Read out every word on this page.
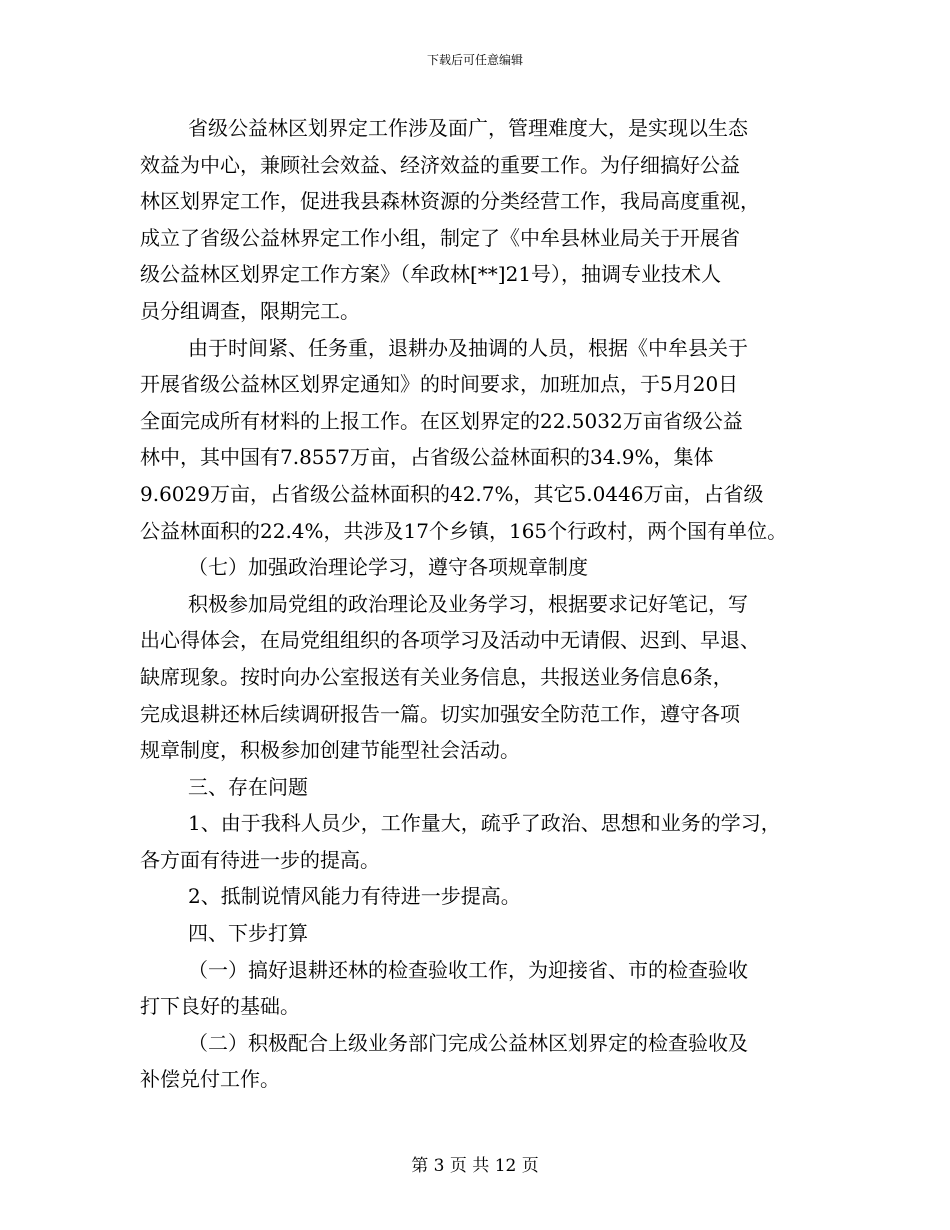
下载后可任意编辑

省级公益林区划界定工作涉及面广，管理难度大，是实现以生态

效益为中心，兼顾社会效益、经济效益的重要工作。为仔细搞好公益

林区划界定工作，促进我县森林资源的分类经营工作，我局高度重视，

成立了省级公益林界定工作小组，制定了《中牟县林业局关于开展省

级公益林区划界定工作方案》（牟政林[**]21号），抽调专业技术人

员分组调查，限期完工。

由于时间紧、任务重，退耕办及抽调的人员，根据《中牟县关于

开展省级公益林区划界定通知》的时间要求，加班加点，于5月20日

全面完成所有材料的上报工作。在区划界定的22.5032万亩省级公益

林中，其中国有7.8557万亩，占省级公益林面积的34.9%，集体

9.6029万亩，占省级公益林面积的42.7%，其它5.0446万亩，占省级

公益林面积的22.4%，共涉及17个乡镇，165个行政村，两个国有单位。

（七）加强政治理论学习，遵守各项规章制度

积极参加局党组的政治理论及业务学习，根据要求记好笔记，写

出心得体会，在局党组组织的各项学习及活动中无请假、迟到、早退、

缺席现象。按时向办公室报送有关业务信息，共报送业务信息6条，

完成退耕还林后续调研报告一篇。切实加强安全防范工作，遵守各项

规章制度，积极参加创建节能型社会活动。

三、存在问题

1、由于我科人员少，工作量大，疏乎了政治、思想和业务的学习，

各方面有待进一步的提高。

2、抵制说情风能力有待进一步提高。

四、下步打算

（一）搞好退耕还林的检查验收工作，为迎接省、市的检查验收

打下良好的基础。

（二）积极配合上级业务部门完成公益林区划界定的检查验收及

补偿兑付工作。

第 3 页 共 12 页
